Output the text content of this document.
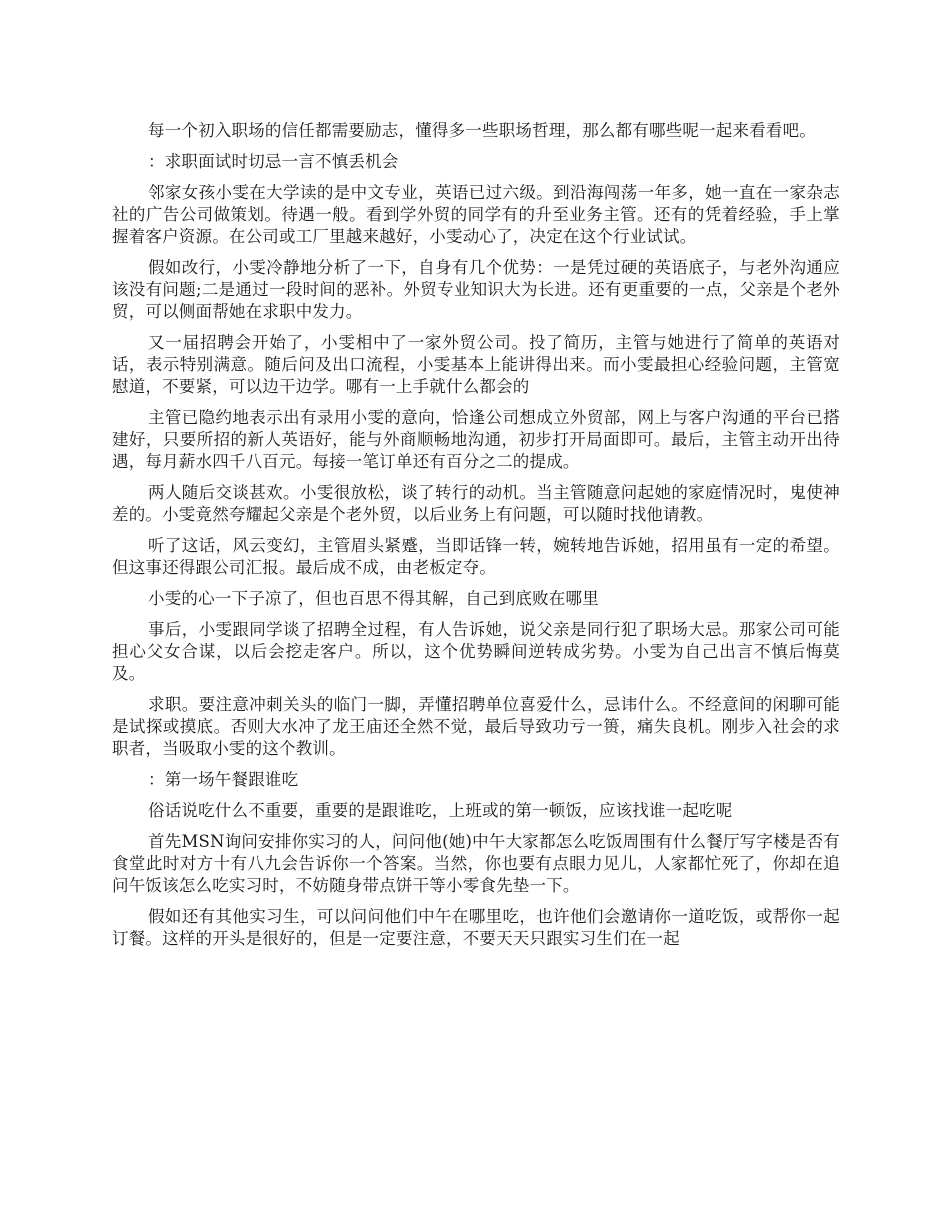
每一个初入职场的信任都需要励志，懂得多一些职场哲理，那么都有哪些呢一起来看看吧。

：求职面试时切忌一言不慎丢机会

邻家女孩小雯在大学读的是中文专业，英语已过六级。到沿海闯荡一年多，她一直在一家杂志社的广告公司做策划。待遇一般。看到学外贸的同学有的升至业务主管。还有的凭着经验，手上掌握着客户资源。在公司或工厂里越来越好，小雯动心了，决定在这个行业试试。

假如改行，小雯冷静地分析了一下，自身有几个优势：一是凭过硬的英语底子，与老外沟通应该没有问题;二是通过一段时间的恶补。外贸专业知识大为长进。还有更重要的一点，父亲是个老外贸，可以侧面帮她在求职中发力。

又一届招聘会开始了，小雯相中了一家外贸公司。投了简历，主管与她进行了简单的英语对话，表示特别满意。随后问及出口流程，小雯基本上能讲得出来。而小雯最担心经验问题，主管宽慰道，不要紧，可以边干边学。哪有一上手就什么都会的

主管已隐约地表示出有录用小雯的意向，恰逢公司想成立外贸部，网上与客户沟通的平台已搭建好，只要所招的新人英语好，能与外商顺畅地沟通，初步打开局面即可。最后，主管主动开出待遇，每月薪水四千八百元。每接一笔订单还有百分之二的提成。

两人随后交谈甚欢。小雯很放松，谈了转行的动机。当主管随意问起她的家庭情况时，鬼使神差的。小雯竟然夸耀起父亲是个老外贸，以后业务上有问题，可以随时找他请教。

听了这话，风云变幻，主管眉头紧蹙，当即话锋一转，婉转地告诉她，招用虽有一定的希望。但这事还得跟公司汇报。最后成不成，由老板定夺。

小雯的心一下子凉了，但也百思不得其解，自己到底败在哪里

事后，小雯跟同学谈了招聘全过程，有人告诉她，说父亲是同行犯了职场大忌。那家公司可能担心父女合谋，以后会挖走客户。所以，这个优势瞬间逆转成劣势。小雯为自己出言不慎后悔莫及。

求职。要注意冲刺关头的临门一脚，弄懂招聘单位喜爱什么，忌讳什么。不经意间的闲聊可能是试探或摸底。否则大水冲了龙王庙还全然不觉，最后导致功亏一篑，痛失良机。刚步入社会的求职者，当吸取小雯的这个教训。

：第一场午餐跟谁吃

俗话说吃什么不重要，重要的是跟谁吃，上班或的第一顿饭，应该找谁一起吃呢

首先MSN询问安排你实习的人，问问他(她)中午大家都怎么吃饭周围有什么餐厅写字楼是否有食堂此时对方十有八九会告诉你一个答案。当然，你也要有点眼力见儿，人家都忙死了，你却在追问午饭该怎么吃实习时，不妨随身带点饼干等小零食先垫一下。

假如还有其他实习生，可以问问他们中午在哪里吃，也许他们会邀请你一道吃饭，或帮你一起订餐。这样的开头是很好的，但是一定要注意，不要天天只跟实习生们在一起
